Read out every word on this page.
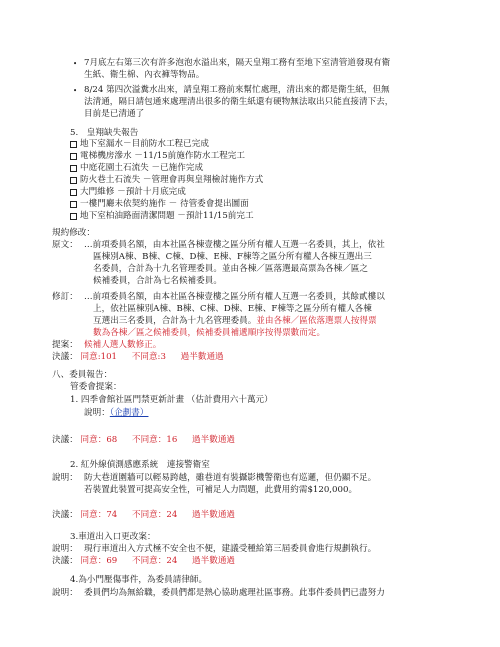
• 7月底左右第三次有許多泡泡水溢出來，隔天皇翔工務有至地下室清管道發現有衛
生紙、衛生棉、內衣褲等物品。
• 8/24 第四次溢糞水出來，請皇翔工務前來幫忙處理，清出來的都是衛生紙，但無
法清通，隔日請包通來處理清出很多的衛生紙還有硬物無法取出只能直接清下去，
目前是已清通了
5.　皇翔缺失報告
地下室漏水－目前防水工程已完成
電梯機房滲水 －11/15前施作防水工程完工
中庭花園土石流失 －已施作完成
防火巷土石流失 －管理會再與皇翔檢討施作方式
大門維修 －預計十月底完成
一樓門廳未依契約施作 － 待管委會提出圖面
地下室柏油路面清潔問題 －預計11/15前完工
規約修改：
原文： …前項委員名額，由本社區各棟壹樓之區分所有權人互選一名委員，其上，依社
區棟別A棟、B棟、C棟、D棟、E棟、F棟等之區分所有權人各棟互選出三
名委員，合計為十九名管理委員。並由各棟／區落選最高票為各棟／區之
候補委員，合計為七名候補委員。
修訂： …前項委員名額，由本社區各棟壹樓之區分所有權人互選一名委員，其餘貳樓以
上，依社區棟別A棟、B棟、C棟、D棟、E棟、F棟等之區分所有權人各棟
互選出三名委員，合計為十九名管理委員。並由各棟／區依落選票人按得票
數為各棟／區之候補委員，候補委員補遞順序按得票數而定。
提案： 候補人選人數修正。
決議： 同意:101 不同意:3 過半數通過
八、委員報告：
管委會提案：
1. 四季會館社區門禁更新計畫 （估計費用六十萬元）
說明：（企劃書）
決議： 同意：68 不同意：16 過半數通過
2. 紅外線偵測感應系統　連接警衛室
說明： 防大巷道圍牆可以輕易跨越，雖巷道有裝攝影機警衛也有巡邏，但仍顯不足。
若裝置此裝置可提高安全性，可補足人力問題，此費用約需$120,000。
決議： 同意：74 不同意：24 過半數通過
3.車道出入口更改案：
說明： 現行車道出入方式極不安全也不便，建議受種給第三屆委員會進行規劃執行。
決議： 同意：69 不同意：24 過半數通過
4.為小門壓傷事件，為委員請律師。
說明： 委員們均為無給職，委員們都是熱心協助處理社區事務。此事件委員們已盡努力
